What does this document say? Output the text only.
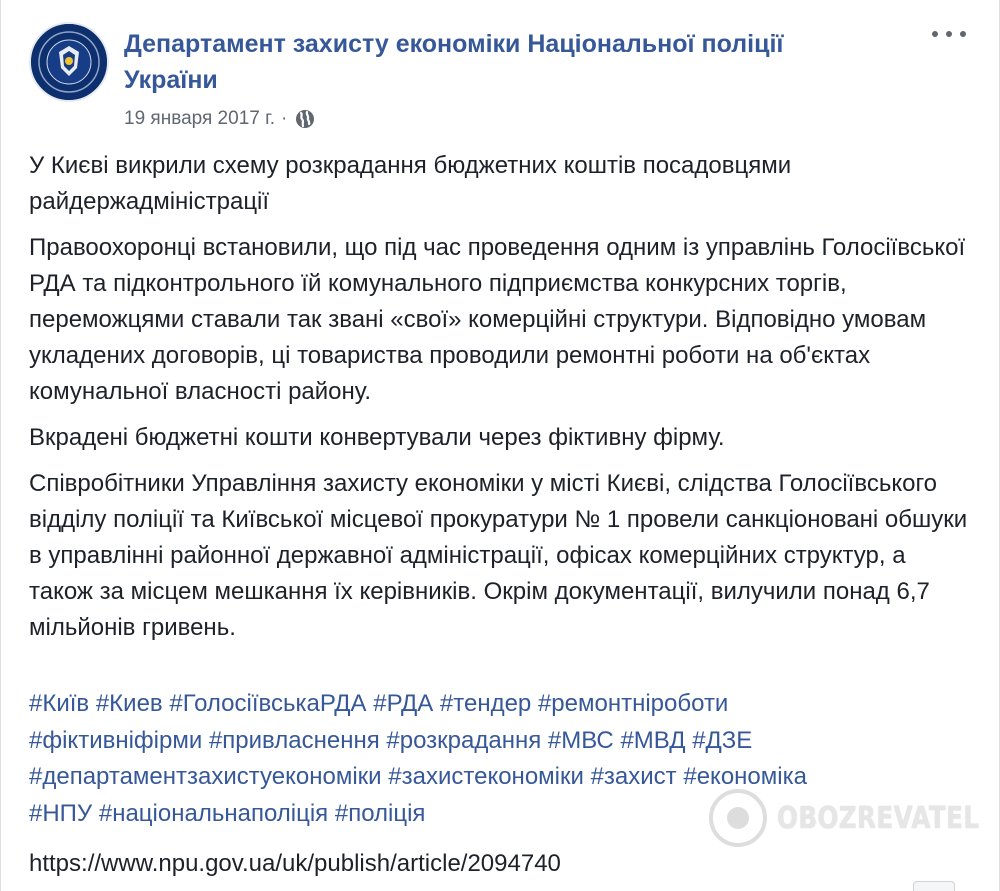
Департамент захисту економіки Національної поліції України
19 января 2017 г. ·

У Києві викрили схему розкрадання бюджетних коштів посадовцями райдержадміністрації

Правоохоронці встановили, що під час проведення одним із управлінь Голосіївської РДА та підконтрольного їй комунального підприємства конкурсних торгів, переможцями ставали так звані «свої» комерційні структури. Відповідно умовам укладених договорів, ці товариства проводили ремонтні роботи на об'єктах комунальної власності району.

Вкрадені бюджетні кошти конвертували через фіктивну фірму.

Співробітники Управління захисту економіки у місті Києві, слідства Голосіївського відділу поліції та Київської місцевої прокуратури № 1 провели санкціоновані обшуки в управлінні районної державної адміністрації, офісах комерційних структур, а також за місцем мешкання їх керівників. Окрім документації, вилучили понад 6,7 мільйонів гривень.

#Київ #Киев #ГолосіївськаРДА #РДА #тендер #ремонтніроботи
#фіктивніфірми #привласнення #розкрадання #МВС #МВД #ДЗЕ
#департаментзахистуекономіки #захистекономіки #захист #економіка
#НПУ #національнаполіція #поліція
https://www.npu.gov.ua/uk/publish/article/2094740
OBOZREVATEL
